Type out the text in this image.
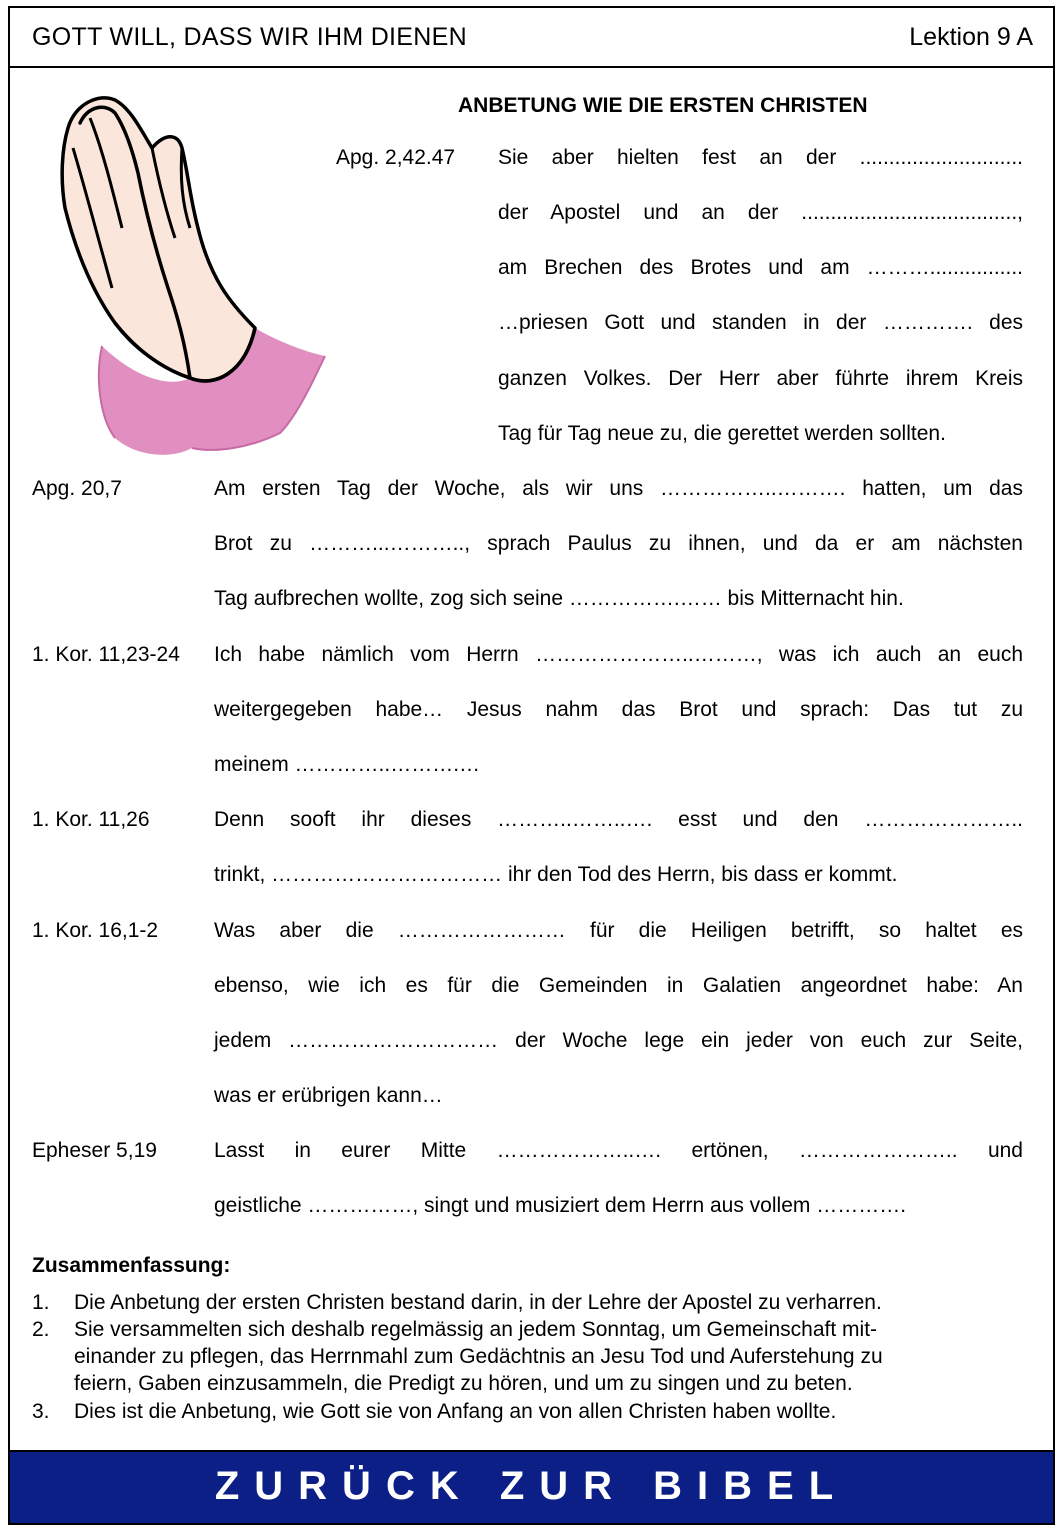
GOTT WILL, DASS WIR IHM DIENEN	Lektion 9 A
ANBETUNG WIE DIE ERSTEN CHRISTEN
Apg. 2,42.47 Sie aber hielten fest an der ............................
der Apostel und an der .....................................,
am Brechen des Brotes und am ………................
…priesen Gott und standen in der …………. des
ganzen Volkes. Der Herr aber führte ihrem Kreis
Tag für Tag neue zu, die gerettet werden sollten.
Apg. 20,7	Am ersten Tag der Woche, als wir uns ……………..………. hatten, um das
Brot zu ………...……….., sprach Paulus zu ihnen, und da er am nächsten
Tag aufbrechen wollte, zog sich seine …………….…… bis Mitternacht hin.
1. Kor. 11,23-24 Ich habe nämlich vom Herrn …………………..………, was ich auch an euch
weitergegeben habe… Jesus nahm das Brot und sprach: Das tut zu
meinem …………..……….…
1. Kor. 11,26	Denn sooft ihr dieses ………..……..…. esst und den …………………..
trinkt, …………………………… ihr den Tod des Herrn, bis dass er kommt.
1. Kor. 16,1-2	Was aber die …………………… für die Heiligen betrifft, so haltet es
ebenso, wie ich es für die Gemeinden in Galatien angeordnet habe: An
jedem ………………………… der Woche lege ein jeder von euch zur Seite,
was er erübrigen kann…
Epheser 5,19	Lasst in eurer Mitte ………………..…. ertönen, ………………….. und
geistliche ……………, singt und musiziert dem Herrn aus vollem ………….
Zusammenfassung:
1. Die Anbetung der ersten Christen bestand darin, in der Lehre der Apostel zu verharren.
2. Sie versammelten sich deshalb regelmässig an jedem Sonntag, um Gemeinschaft mit-
einander zu pflegen, das Herrnmahl zum Gedächtnis an Jesu Tod und Auferstehung zu
feiern, Gaben einzusammeln, die Predigt zu hören, und um zu singen und zu beten.
3. Dies ist die Anbetung, wie Gott sie von Anfang an von allen Christen haben wollte.
ZURÜCK ZUR BIBEL
